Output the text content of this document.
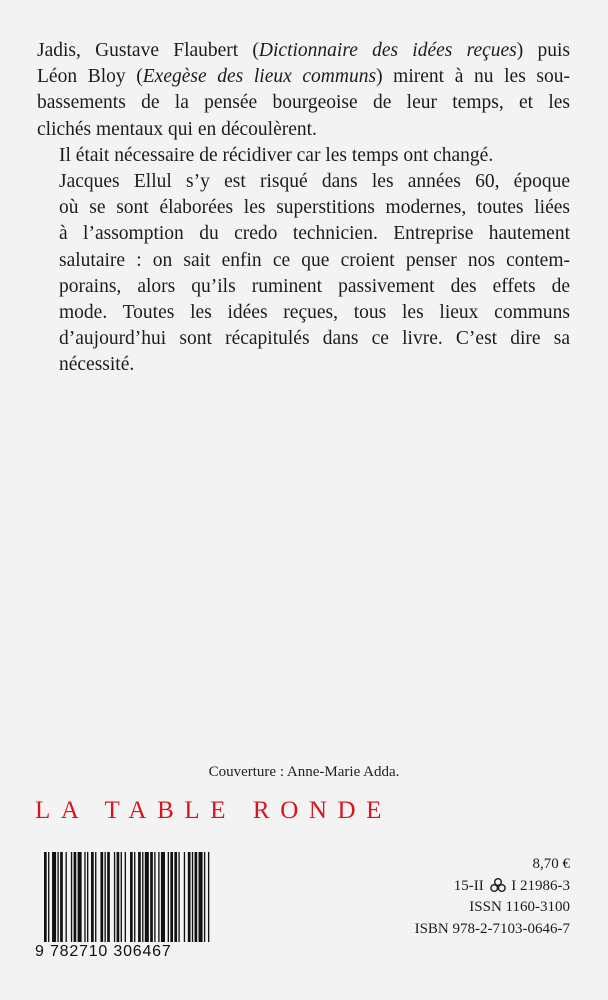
Jadis, Gustave Flaubert (Dictionnaire des idées reçues) puis
Léon Bloy (Exegèse des lieux communs) mirent à nu les sou-
bassements de la pensée bourgeoise de leur temps, et les
clichés mentaux qui en découlèrent.

Il était nécessaire de récidiver car les temps ont changé.

Jacques Ellul s’y est risqué dans les années 60, époque
où se sont élaborées les superstitions modernes, toutes liées
à l’assomption du credo technicien. Entreprise hautement
salutaire : on sait enfin ce que croient penser nos contem-
porains, alors qu’ils ruminent passivement des effets de
mode. Toutes les idées reçues, tous les lieux communs
d’aujourd’hui sont récapitulés dans ce livre. C’est dire sa
nécessité.

Couverture : Anne-Marie Adda.
LA TABLE RONDE
9 782710 306467
8,70 €
15-II I 21986-3
ISSN 1160-3100
ISBN 978-2-7103-0646-7
